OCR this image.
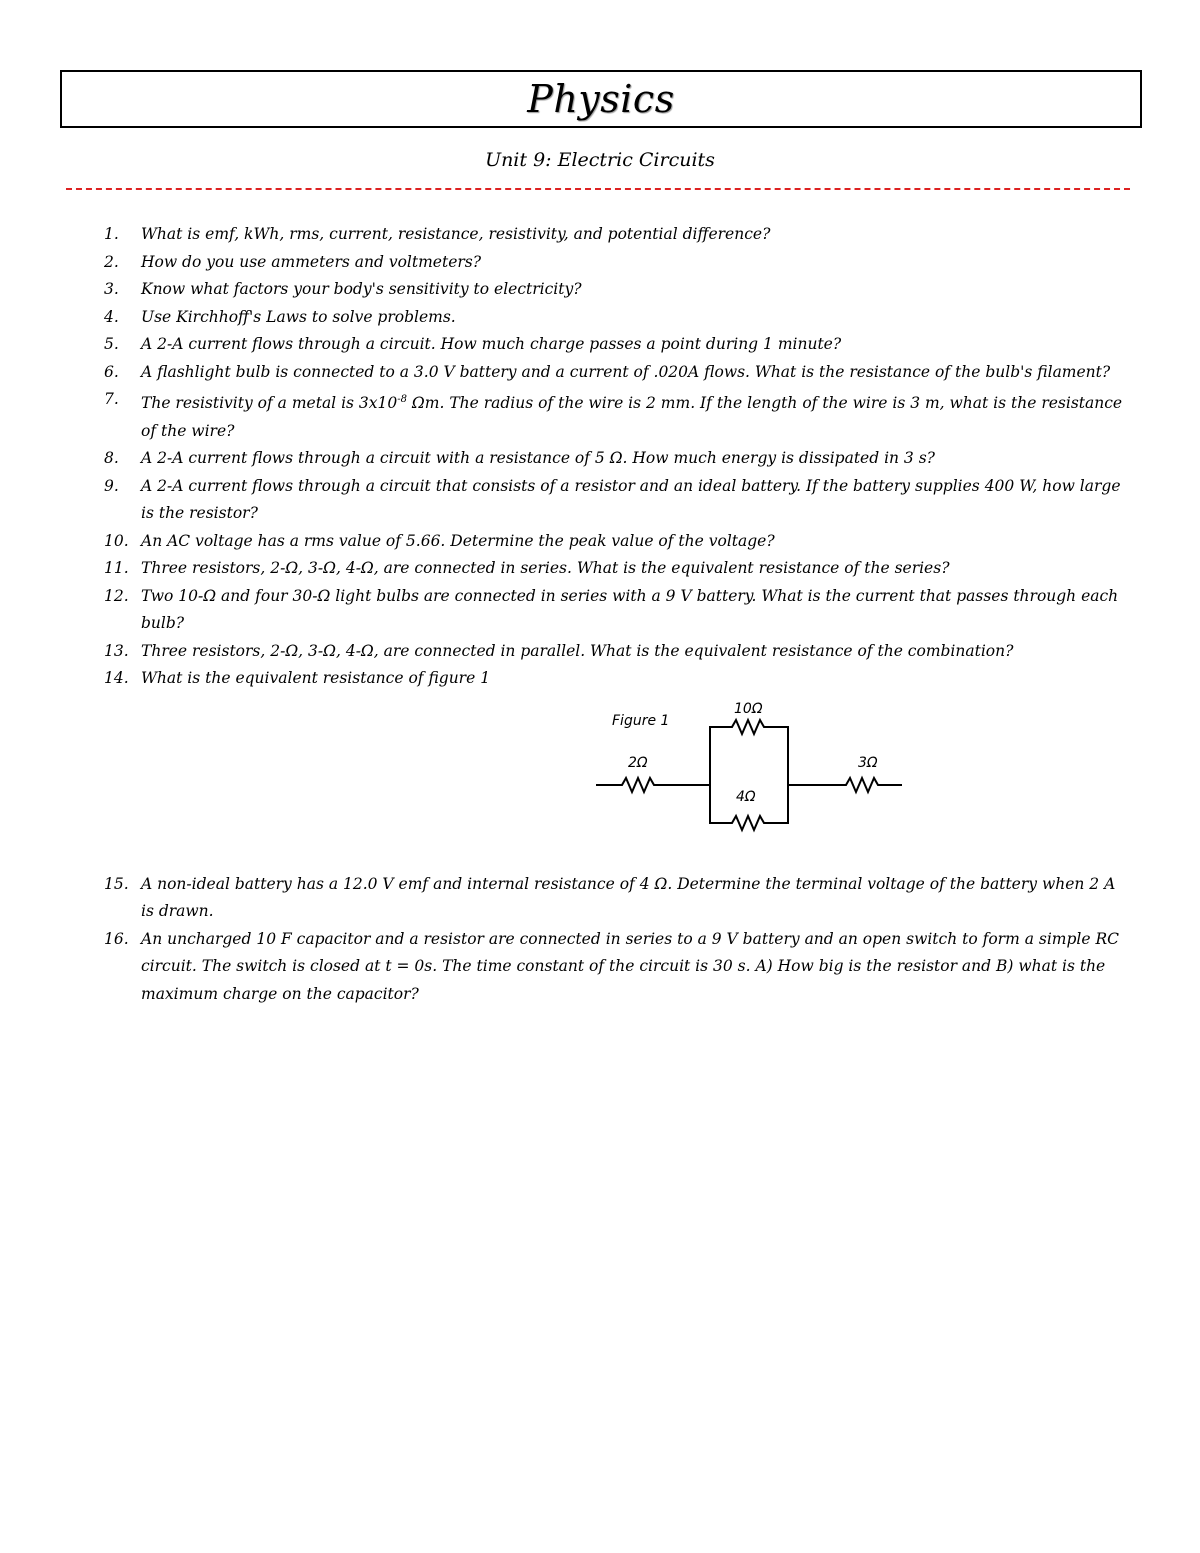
Physics
Unit 9: Electric Circuits
1.	What is emf, kWh, rms, current, resistance, resistivity, and potential difference?
2.	How do you use ammeters and voltmeters?
3.	Know what factors your body's sensitivity to electricity?
4.	Use Kirchhoff's Laws to solve problems.
5.	A 2-A current flows through a circuit. How much charge passes a point during 1 minute?
6.	A flashlight bulb is connected to a 3.0 V battery and a current of .020A flows. What is the resistance of the bulb's filament?
7.	The resistivity of a metal is $3x10^{-8}$ Ωm. The radius of the wire is 2 mm. If the length of the wire is 3 m, what is the resistance of the wire?
8.	A 2-A current flows through a circuit with a resistance of 5 Ω. How much energy is dissipated in 3 s?
9.	A 2-A current flows through a circuit that consists of a resistor and an ideal battery. If the battery supplies 400 W, how large is the resistor?
10. An AC voltage has a rms value of 5.66. Determine the peak value of the voltage?
11. Three resistors, 2-Ω, 3-Ω, 4-Ω, are connected in series. What is the equivalent resistance of the series?
12. Two 10-Ω and four 30-Ω light bulbs are connected in series with a 9 V battery. What is the current that passes through each bulb?
13. Three resistors, 2-Ω, 3-Ω, 4-Ω, are connected in parallel. What is the equivalent resistance of the combination?
14. What is the equivalent resistance of figure 1
Figure 1
2Ω
10Ω
4Ω
3Ω
15. A non-ideal battery has a 12.0 V emf and internal resistance of 4 Ω. Determine the terminal voltage of the battery when 2 A is drawn.
16. An uncharged 10 F capacitor and a resistor are connected in series to a 9 V battery and an open switch to form a simple RC circuit. The switch is closed at t = 0s. The time constant of the circuit is 30 s. A) How big is the resistor and B) what is the maximum charge on the capacitor?
